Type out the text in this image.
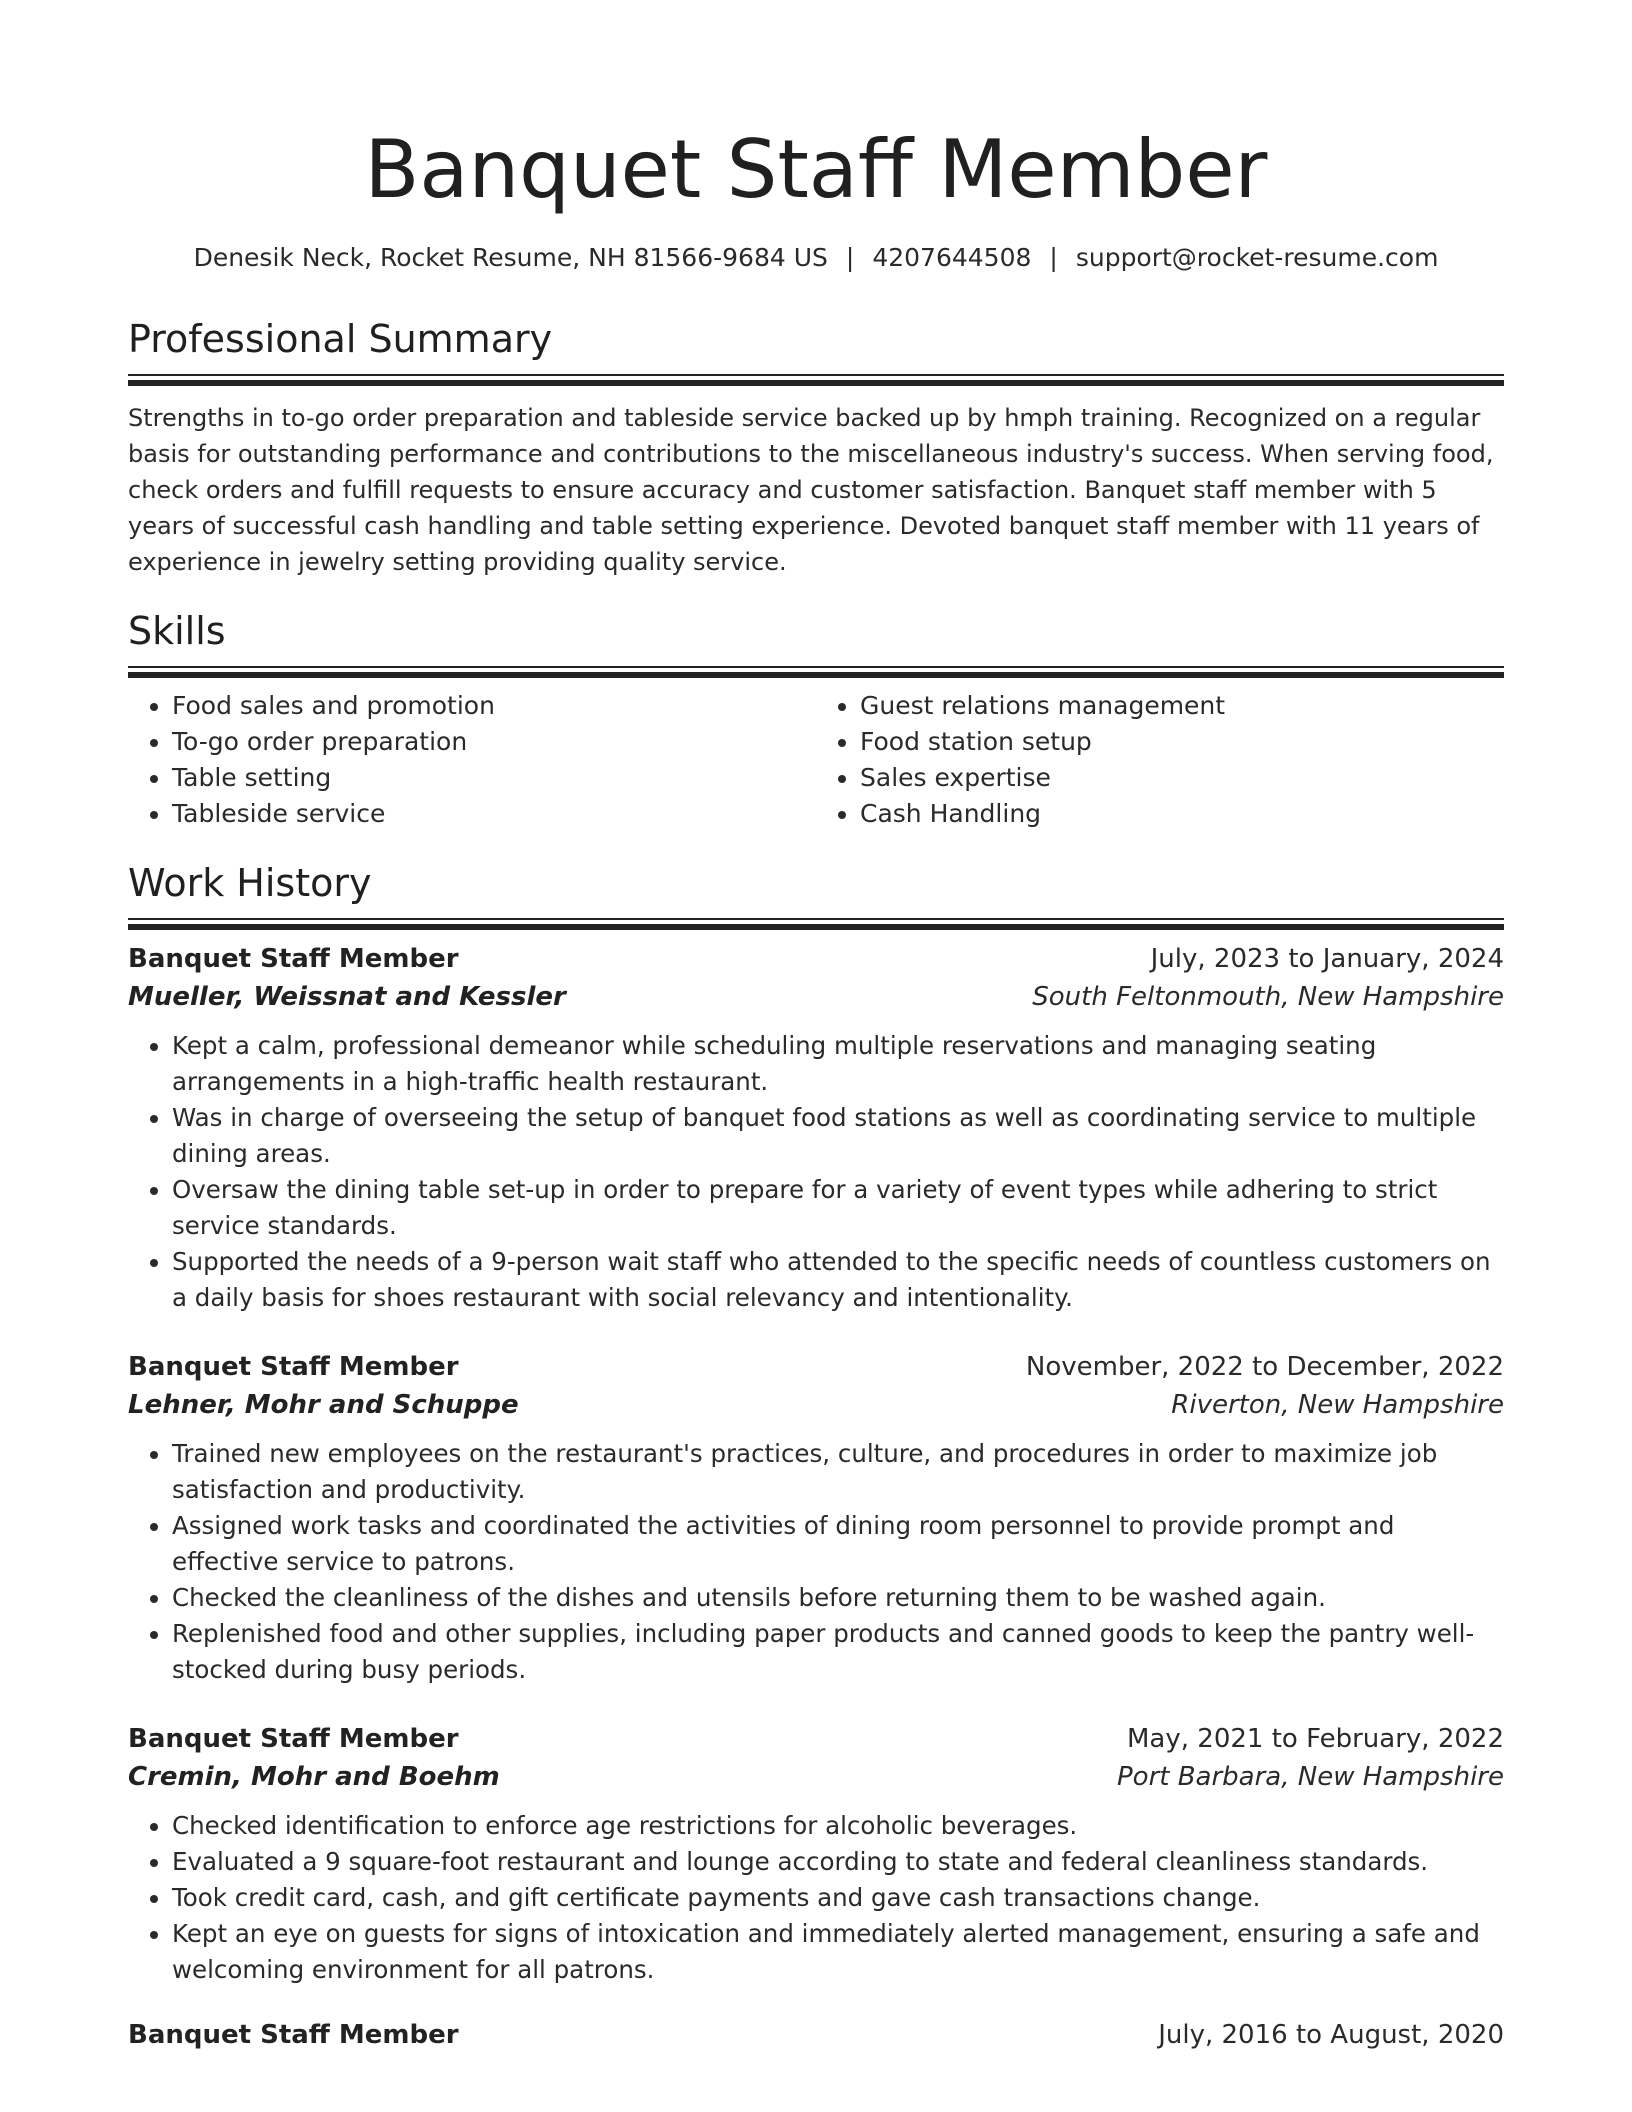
Banquet Staff Member
Denesik Neck, Rocket Resume, NH 81566-9684 US | 4207644508 | support@rocket-resume.com
Professional Summary
Strengths in to-go order preparation and tableside service backed up by hmph training. Recognized on a regular basis for outstanding performance and contributions to the miscellaneous industry's success. When serving food, check orders and fulfill requests to ensure accuracy and customer satisfaction. Banquet staff member with 5 years of successful cash handling and table setting experience. Devoted banquet staff member with 11 years of experience in jewelry setting providing quality service.
Skills
• Food sales and promotion
• To-go order preparation
• Table setting
• Tableside service
• Guest relations management
• Food station setup
• Sales expertise
• Cash Handling
Work History
Banquet Staff Member	July, 2023 to January, 2024
Mueller, Weissnat and Kessler	South Feltonmouth, New Hampshire
• Kept a calm, professional demeanor while scheduling multiple reservations and managing seating arrangements in a high-traffic health restaurant.
• Was in charge of overseeing the setup of banquet food stations as well as coordinating service to multiple dining areas.
• Oversaw the dining table set-up in order to prepare for a variety of event types while adhering to strict service standards.
• Supported the needs of a 9-person wait staff who attended to the specific needs of countless customers on a daily basis for shoes restaurant with social relevancy and intentionality.
Banquet Staff Member	November, 2022 to December, 2022
Lehner, Mohr and Schuppe	Riverton, New Hampshire
• Trained new employees on the restaurant's practices, culture, and procedures in order to maximize job satisfaction and productivity.
• Assigned work tasks and coordinated the activities of dining room personnel to provide prompt and effective service to patrons.
• Checked the cleanliness of the dishes and utensils before returning them to be washed again.
• Replenished food and other supplies, including paper products and canned goods to keep the pantry well-stocked during busy periods.
Banquet Staff Member	May, 2021 to February, 2022
Cremin, Mohr and Boehm	Port Barbara, New Hampshire
• Checked identification to enforce age restrictions for alcoholic beverages.
• Evaluated a 9 square-foot restaurant and lounge according to state and federal cleanliness standards.
• Took credit card, cash, and gift certificate payments and gave cash transactions change.
• Kept an eye on guests for signs of intoxication and immediately alerted management, ensuring a safe and welcoming environment for all patrons.
Banquet Staff Member	July, 2016 to August, 2020
